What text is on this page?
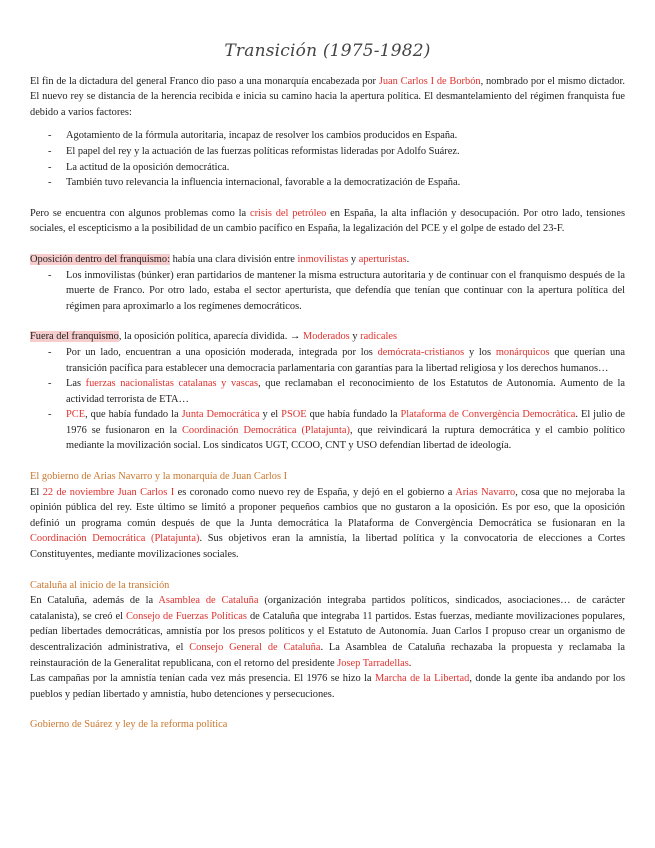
Transición (1975-1982)

El fin de la dictadura del general Franco dio paso a una monarquía encabezada por Juan Carlos I de Borbón, nombrado por el mismo dictador. El nuevo rey se distancia de la herencia recibida e inicia su camino hacia la apertura política. El desmantelamiento del régimen franquista fue debido a varios factores:

- Agotamiento de la fórmula autoritaria, incapaz de resolver los cambios producidos en España.
- El papel del rey y la actuación de las fuerzas políticas reformistas lideradas por Adolfo Suárez.
- La actitud de la oposición democrática.
- También tuvo relevancia la influencia internacional, favorable a la democratización de España.

Pero se encuentra con algunos problemas como la crisis del petróleo en España, la alta inflación y desocupación. Por otro lado, tensiones sociales, el escepticismo a la posibilidad de un cambio pacífico en España, la legalización del PCE y el golpe de estado del 23-F.

Oposición dentro del franquismo: había una clara división entre inmovilistas y aperturistas.

- Los inmovilistas (búnker) eran partidarios de mantener la misma estructura autoritaria y de continuar con el franquismo después de la muerte de Franco. Por otro lado, estaba el sector aperturista, que defendía que tenían que continuar con la apertura política del régimen para aproximarlo a los regímenes democráticos.

Fuera del franquismo, la oposición política, aparecía dividida. → Moderados y radicales

- Por un lado, encuentran a una oposición moderada, integrada por los demócrata-cristianos y los monárquicos que querían una transición pacífica para establecer una democracia parlamentaria con garantías para la libertad religiosa y los derechos humanos…
- Las fuerzas nacionalistas catalanas y vascas, que reclamaban el reconocimiento de los Estatutos de Autonomía. Aumento de la actividad terrorista de ETA…
- PCE, que había fundado la Junta Democrática y el PSOE que había fundado la Plataforma de Convergència Democràtica. El julio de 1976 se fusionaron en la Coordinación Democrática (Platajunta), que reivindicará la ruptura democrática y el cambio político mediante la movilización social. Los sindicatos UGT, CCOO, CNT y USO defendían libertad de ideología.

El gobierno de Arias Navarro y la monarquía de Juan Carlos I

El 22 de noviembre Juan Carlos I es coronado como nuevo rey de España, y dejó en el gobierno a Arias Navarro, cosa que no mejoraba la opinión pública del rey. Este último se limitó a proponer pequeños cambios que no gustaron a la oposición. Es por eso, que la oposición definió un programa común después de que la Junta democrática la Plataforma de Convergència Democrática se fusionaran en la Coordinación Democrática (Platajunta). Sus objetivos eran la amnistía, la libertad política y la convocatoria de elecciones a Cortes Constituyentes, mediante movilizaciones sociales.

Cataluña al inicio de la transición

En Cataluña, además de la Asamblea de Cataluña (organización integraba partidos políticos, sindicados, asociaciones… de carácter catalanista), se creó el Consejo de Fuerzas Políticas de Cataluña que integraba 11 partidos. Estas fuerzas, mediante movilizaciones populares, pedían libertades democráticas, amnistía por los presos políticos y el Estatuto de Autonomía. Juan Carlos I propuso crear un organismo de descentralización administrativa, el Consejo General de Cataluña. La Asamblea de Cataluña rechazaba la propuesta y reclamaba la reinstauración de la Generalitat republicana, con el retorno del presidente Josep Tarradellas.

Las campañas por la amnistía tenían cada vez más presencia. El 1976 se hizo la Marcha de la Libertad, donde la gente iba andando por los pueblos y pedían libertado y amnistía, hubo detenciones y persecuciones.

Gobierno de Suárez y ley de la reforma política
